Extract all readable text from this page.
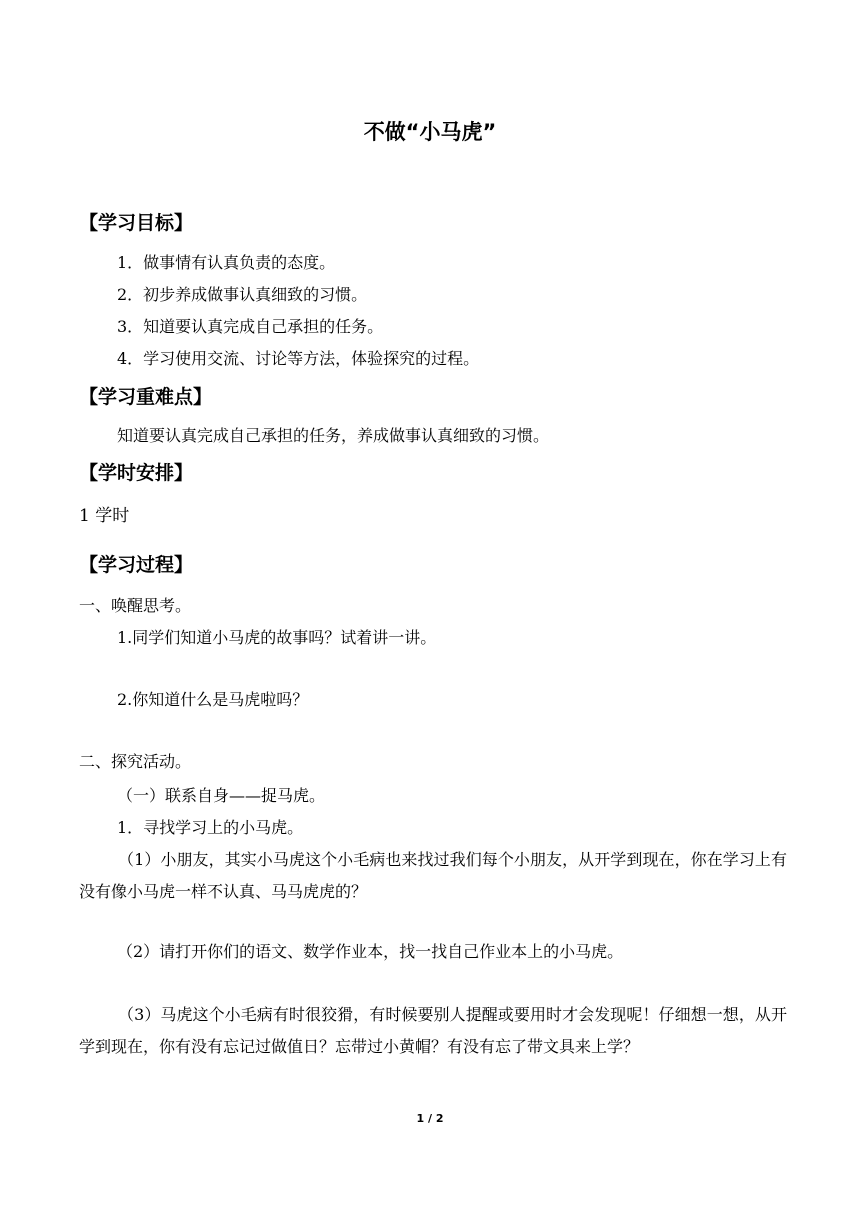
不做“小马虎”
【学习目标】
1．做事情有认真负责的态度。
2．初步养成做事认真细致的习惯。
3．知道要认真完成自己承担的任务。
4．学习使用交流、讨论等方法，体验探究的过程。
【学习重难点】
知道要认真完成自己承担的任务，养成做事认真细致的习惯。
【学时安排】
1 学时
【学习过程】
一、唤醒思考。
1.同学们知道小马虎的故事吗？试着讲一讲。
2.你知道什么是马虎啦吗？
二、探究活动。
（一）联系自身——捉马虎。
1．寻找学习上的小马虎。
（1）小朋友，其实小马虎这个小毛病也来找过我们每个小朋友，从开学到现在，你在学习上有没有像小马虎一样不认真、马马虎虎的？
（2）请打开你们的语文、数学作业本，找一找自己作业本上的小马虎。
（3）马虎这个小毛病有时很狡猾，有时候要别人提醒或要用时才会发现呢！仔细想一想，从开学到现在，你有没有忘记过做值日？忘带过小黄帽？有没有忘了带文具来上学？
1 / 2
